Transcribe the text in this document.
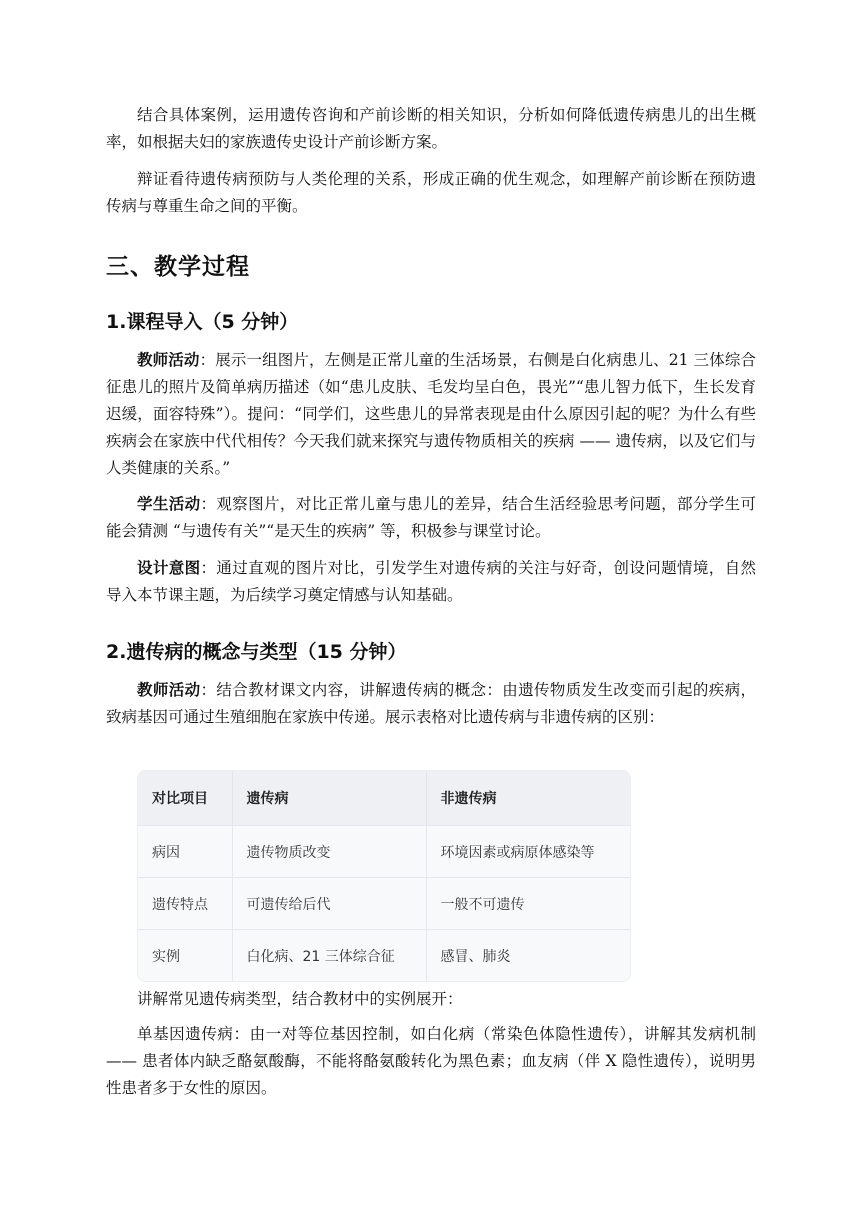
结合具体案例，运用遗传咨询和产前诊断的相关知识，分析如何降低遗传病患儿的出生概率，如根据夫妇的家族遗传史设计产前诊断方案。

辩证看待遗传病预防与人类伦理的关系，形成正确的优生观念，如理解产前诊断在预防遗传病与尊重生命之间的平衡。

三、教学过程
1.课程导入（5 分钟）

教师活动：展示一组图片，左侧是正常儿童的生活场景，右侧是白化病患儿、21 三体综合征患儿的照片及简单病历描述（如“患儿皮肤、毛发均呈白色，畏光”“患儿智力低下，生长发育迟缓，面容特殊”）。提问：“同学们，这些患儿的异常表现是由什么原因引起的呢？为什么有些疾病会在家族中代代相传？今天我们就来探究与遗传物质相关的疾病 —— 遗传病，以及它们与人类健康的关系。”

学生活动：观察图片，对比正常儿童与患儿的差异，结合生活经验思考问题，部分学生可能会猜测 “与遗传有关”“是天生的疾病” 等，积极参与课堂讨论。

设计意图：通过直观的图片对比，引发学生对遗传病的关注与好奇，创设问题情境，自然导入本节课主题，为后续学习奠定情感与认知基础。

2.遗传病的概念与类型（15 分钟）

教师活动：结合教材课文内容，讲解遗传病的概念：由遗传物质发生改变而引起的疾病，致病基因可通过生殖细胞在家族中传递。展示表格对比遗传病与非遗传病的区别：

对比项目	遗传病	非遗传病
病因	遗传物质改变	环境因素或病原体感染等
遗传特点	可遗传给后代	一般不可遗传
实例	白化病、21 三体综合征	感冒、肺炎

讲解常见遗传病类型，结合教材中的实例展开：

单基因遗传病：由一对等位基因控制，如白化病（常染色体隐性遗传），讲解其发病机制 —— 患者体内缺乏酪氨酸酶，不能将酪氨酸转化为黑色素；血友病（伴 X 隐性遗传），说明男性患者多于女性的原因。
